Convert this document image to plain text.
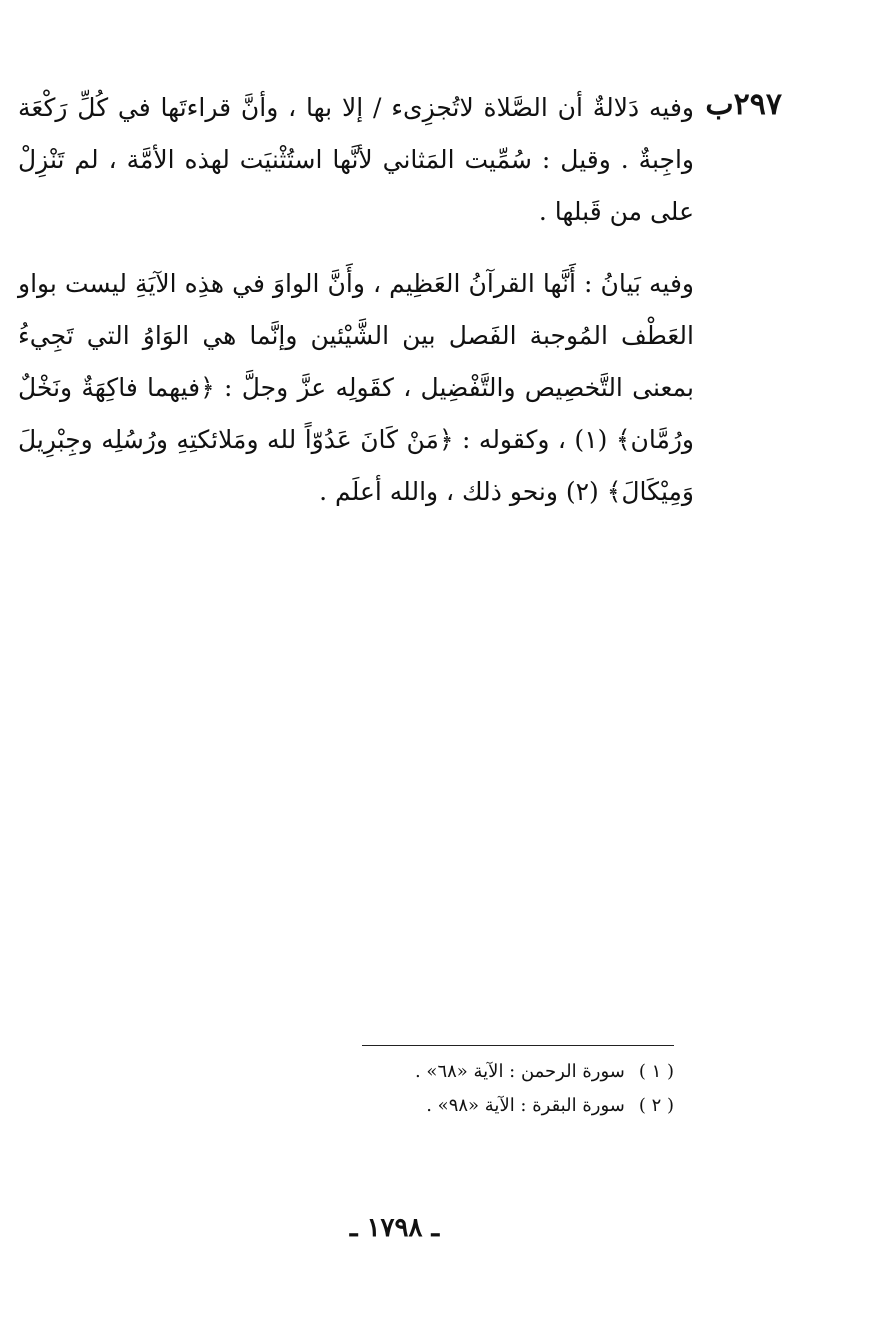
٢٩٧ب

وفيه دَلالةٌ أن الصَّلاة لاتُجزِىء / إلا بها ، وأنَّ قراءتَها في كُلِّ رَكْعَة واجِبةٌ . وقيل : سُمِّيت المَثاني لأنَّها استُثْنيَت لهذه الأمَّة ، لم تَنْزِلْ على من قَبلها .

وفيه بَيانُ : أَنَّها القرآنُ العَظِيم ، وأَنَّ الواوَ في هذِه الآيَةِ ليست بواو العَطْف المُوجبة الفَصل بين الشَّيْئين وإنَّما هي الوَاوُ التي تَجِيءُ بمعنى التَّخصِيص والتَّفْضِيل ، كقَولِه عزَّ وجلَّ : ﴿فيهما فاكِهَةٌ ونَخْلٌ ورُمَّان﴾ (١) ، وكقوله : ﴿مَنْ كَانَ عَدُوّاً لله ومَلائكتِهِ ورُسُلِه وجِبْرِيلَ وَمِيْكَالَ﴾ (٢) ونحو ذلك ، والله أعلَم .

( ١ )سورة الرحمن : الآية «٦٨» .
( ٢ )سورة البقرة : الآية «٩٨» .
ـ ١٧٩٨ ـ
